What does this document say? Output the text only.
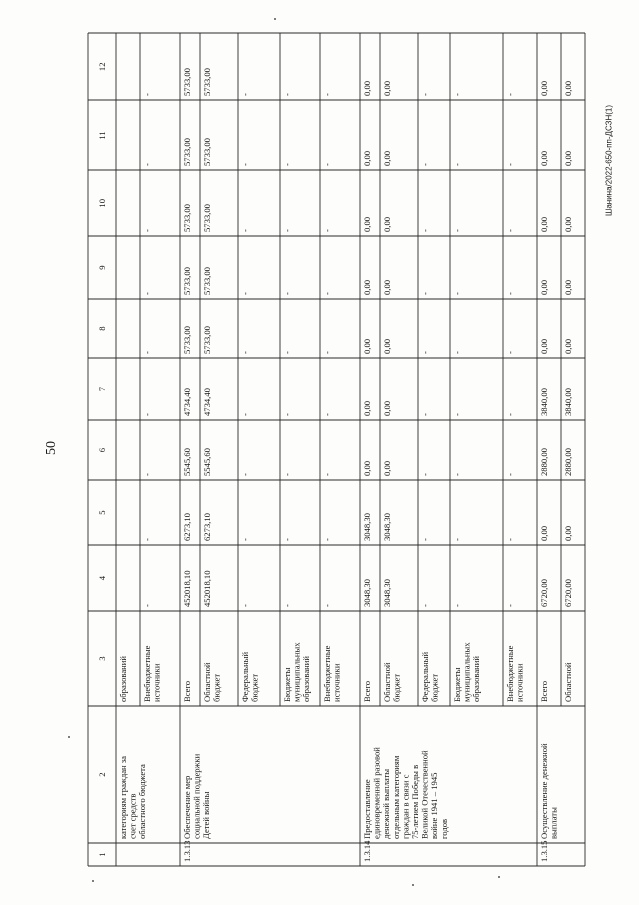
50
Шанина/2022-650-пп-ДСЗН(1)
1
2
3
4
5
6
7
8
9
10
11
12
категориям граждан засчет средствобластного бюджета
образований Внебюджетныеисточники
-
-
-
-
-
-
-
-
-
1.3.13
Обеспечение мерсоциальной поддержкиДетей войны
Всего
452018,10
6273,10
5545,60
4734,40
5733,00
5733,00
5733,00
5733,00
5733,00
Областнойбюджет
452018,10
6273,10
5545,60
4734,40
5733,00
5733,00
5733,00
5733,00
5733,00
Федеральныйбюджет
-
-
-
-
-
-
-
-
-
Бюджетымуниципальныхобразований
-
-
-
-
-
-
-
-
-
Внебюджетныеисточники
-
-
-
-
-
-
-
-
-
1.3.14
Предоставлениеединовременной разовойденежной выплатыотдельным категориямграждан в связи с75-летием Победы вВеликой Отечественнойвойне 1941 – 1945годов
Всего
3048,30
3048,30
0,00
0,00
0,00
0,00
0,00
0,00
0,00
Областнойбюджет
3048,30
3048,30
0,00
0,00
0,00
0,00
0,00
0,00
0,00
Федеральныйбюджет
-
-
-
-
-
-
-
-
-
Бюджетымуниципальныхобразований
-
-
-
-
-
-
-
-
-
Внебюджетныеисточники
-
-
-
-
-
-
-
-
-
1.3.15
Осуществление денежнойвыплаты
Всего
6720,00
0,00
2880,00
3840,00
0,00
0,00
0,00
0,00
0,00
Областной
6720,00
0,00
2880,00
3840,00
0,00
0,00
0,00
0,00
0,00
